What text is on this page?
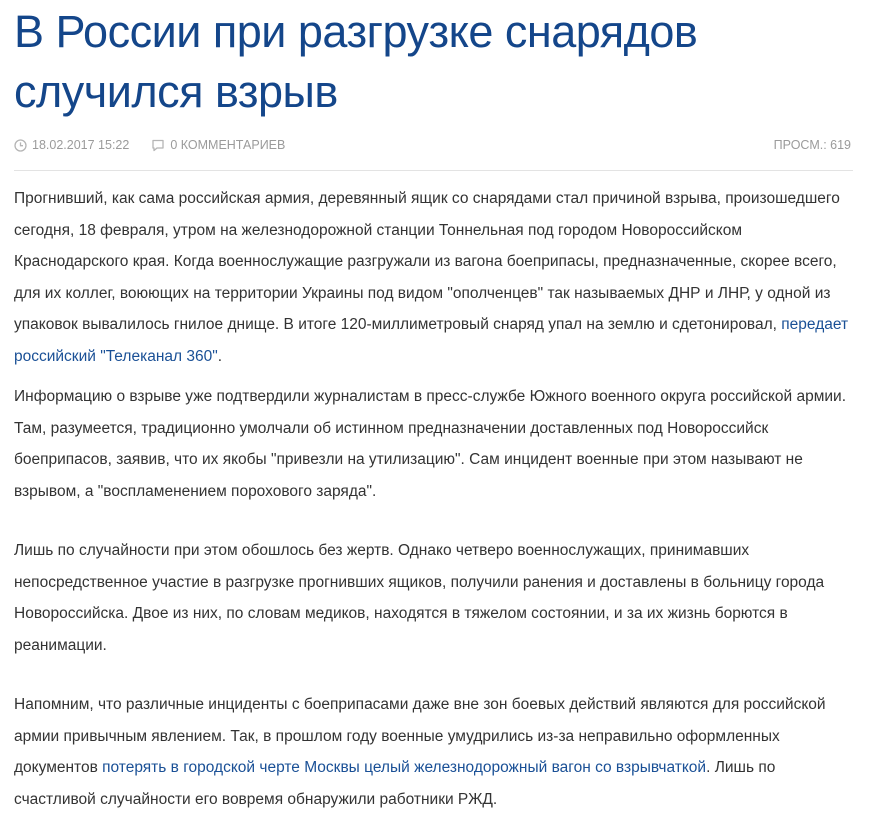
В России при разгрузке снарядов случился взрыв
18.02.2017 15:22	0 КОММЕНТАРИЕВ	ПРОСМ.: 619

Прогнивший, как сама российская армия, деревянный ящик со снарядами стал причиной взрыва, произошедшего сегодня, 18 февраля, утром на железнодорожной станции Тоннельная под городом Новороссийском Краснодарского края. Когда военнослужащие разгружали из вагона боеприпасы, предназначенные, скорее всего, для их коллег, воюющих на территории Украины под видом "ополченцев" так называемых ДНР и ЛНР, у одной из упаковок вывалилось гнилое днище. В итоге 120-миллиметровый снаряд упал на землю и сдетонировал, передает российский "Телеканал 360".

Информацию о взрыве уже подтвердили журналистам в пресс-службе Южного военного округа российской армии. Там, разумеется, традиционно умолчали об истинном предназначении доставленных под Новороссийск боеприпасов, заявив, что их якобы "привезли на утилизацию". Сам инцидент военные при этом называют не взрывом, а "воспламенением порохового заряда".

Лишь по случайности при этом обошлось без жертв. Однако четверо военнослужащих, принимавших непосредственное участие в разгрузке прогнивших ящиков, получили ранения и доставлены в больницу города Новороссийска. Двое из них, по словам медиков, находятся в тяжелом состоянии, и за их жизнь борются в реанимации.

Напомним, что различные инциденты с боеприпасами даже вне зон боевых действий являются для российской армии привычным явлением. Так, в прошлом году военные умудрились из-за неправильно оформленных документов потерять в городской черте Москвы целый железнодорожный вагон со взрывчаткой. Лишь по счастливой случайности его вовремя обнаружили работники РЖД.
